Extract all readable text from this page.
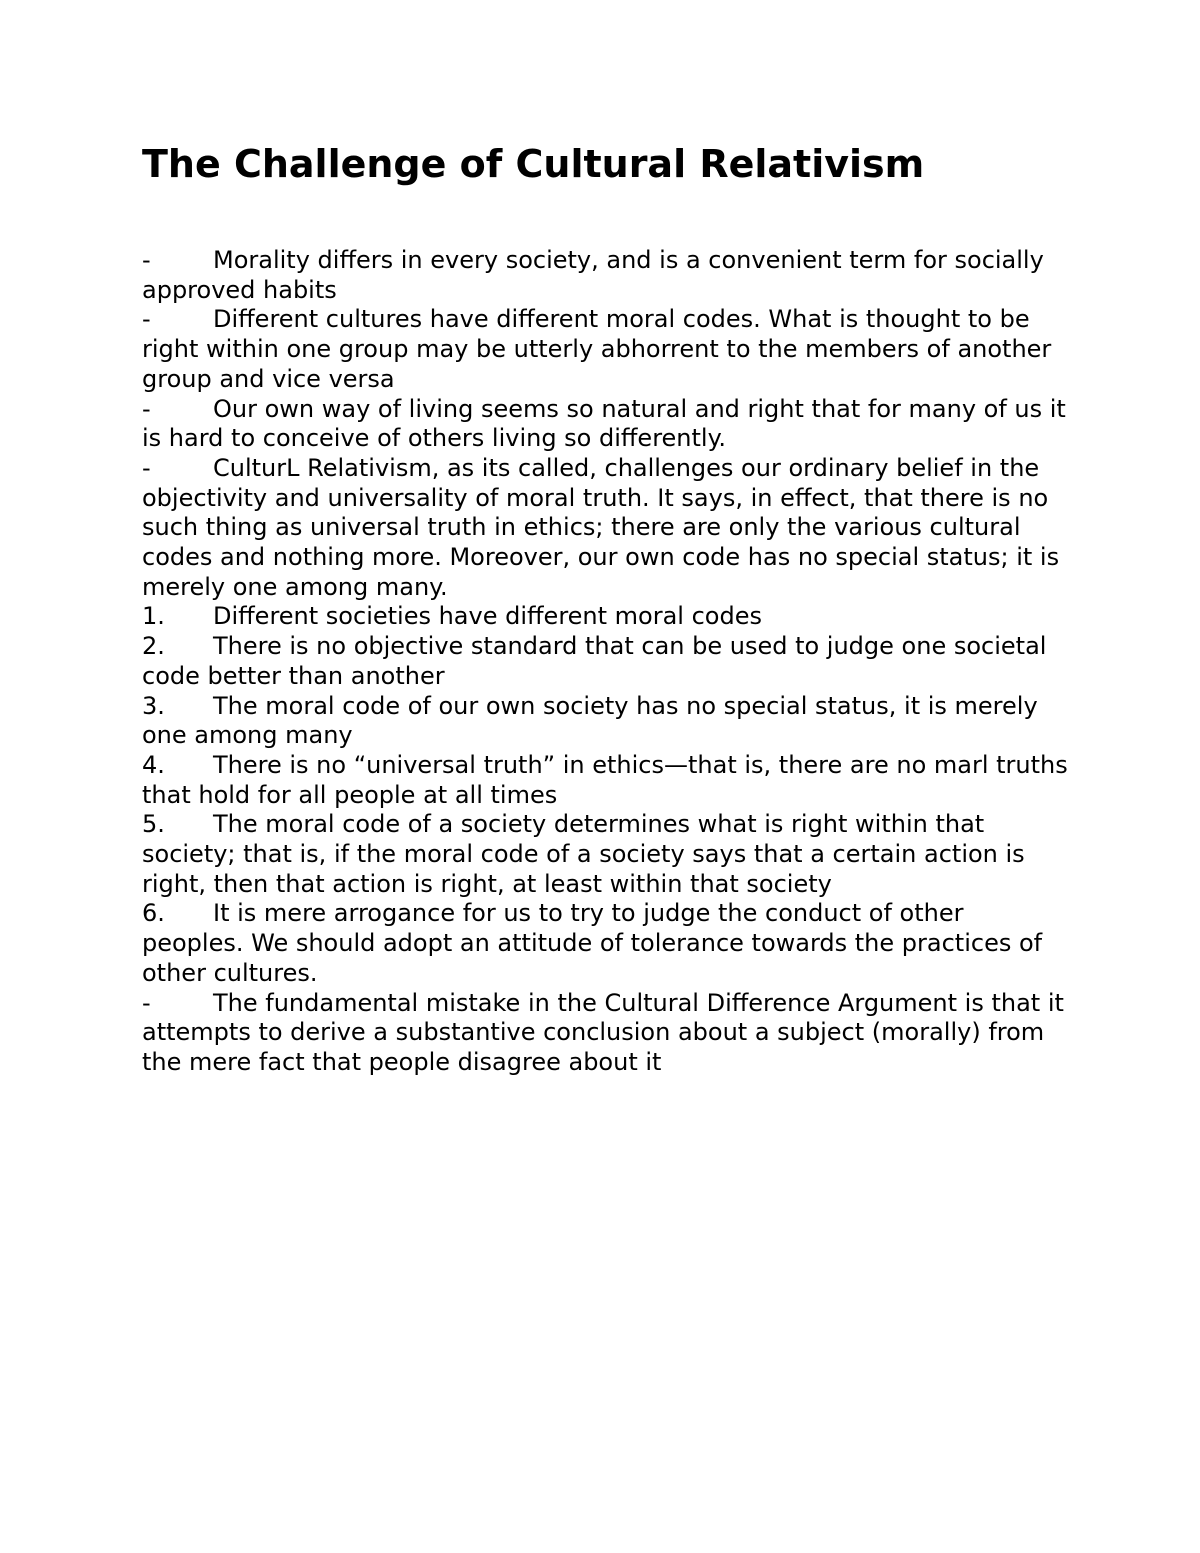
The Challenge of Cultural Relativism
-	Morality differs in every society, and is a convenient term for socially approved habits
-	Different cultures have different moral codes. What is thought to be right within one group may be utterly abhorrent to the members of another group and vice versa
-	Our own way of living seems so natural and right that for many of us it is hard to conceive of others living so differently.
-	CulturL Relativism, as its called, challenges our ordinary belief in the objectivity and universality of moral truth. It says, in effect, that there is no such thing as universal truth in ethics; there are only the various cultural codes and nothing more. Moreover, our own code has no special status; it is merely one among many.
1. Different societies have different moral codes
2. There is no objective standard that can be used to judge one societal code better than another
3. The moral code of our own society has no special status, it is merely one among many
4. There is no “universal truth” in ethics—that is, there are no marl truths that hold for all people at all times
5. The moral code of a society determines what is right within that society; that is, if the moral code of a society says that a certain action is right, then that action is right, at least within that society
6. It is mere arrogance for us to try to judge the conduct of other peoples. We should adopt an attitude of tolerance towards the practices of other cultures.
-	The fundamental mistake in the Cultural Difference Argument is that it attempts to derive a substantive conclusion about a subject (morally) from the mere fact that people disagree about it
